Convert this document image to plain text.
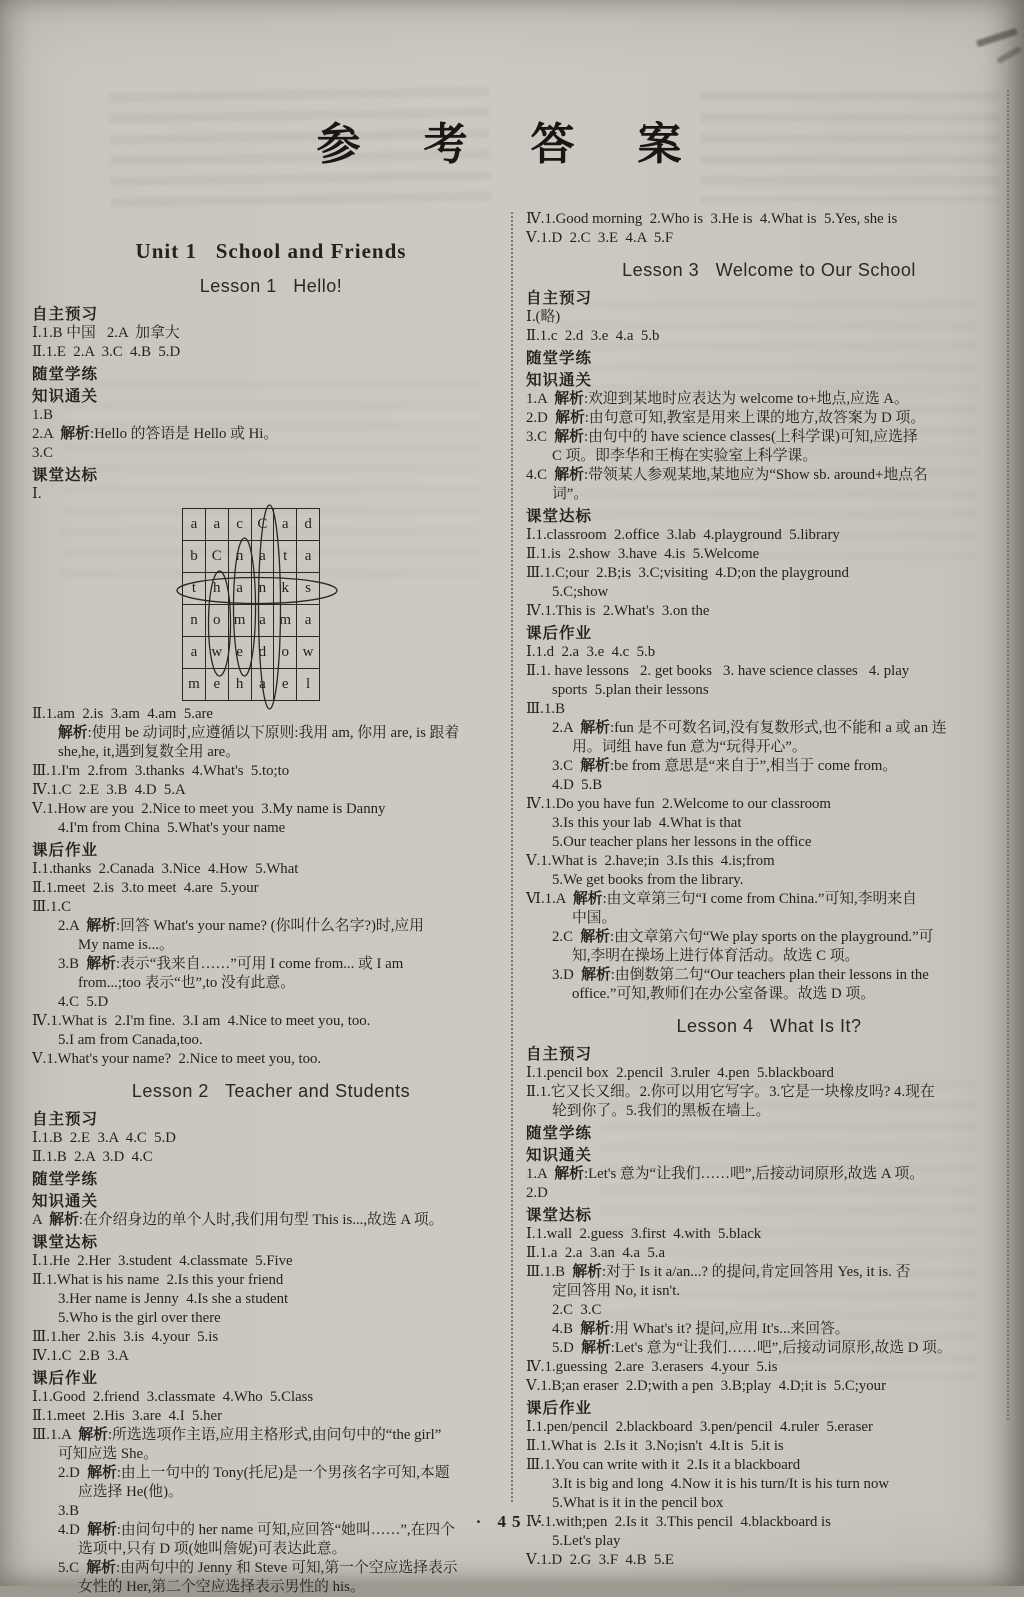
参 考 答 案
Unit 1   School and Friends
Lesson 1   Hello!
自主预习
Ⅰ.1.B 中国   2.A  加拿大
Ⅱ.1.E  2.A  3.C  4.B  5.D
随堂学练
知识通关
1.B
2.A  解析:Hello 的答语是 Hello 或 Hi。
3.C
课堂达标
Ⅰ.
a	a	c	C	a	d
b	C	n	a	t	a
t	h	a	n	k	s
n	o	m	a	m	a
a	w	e	d	o	w
m	e	h	a	e	l
Ⅱ.1.am  2.is  3.am  4.am  5.are
解析:使用 be 动词时,应遵循以下原则:我用 am, 你用 are, is 跟着
she,he, it,遇到复数全用 are。
Ⅲ.1.I'm  2.from  3.thanks  4.What's  5.to;to
Ⅳ.1.C  2.E  3.B  4.D  5.A
Ⅴ.1.How are you  2.Nice to meet you  3.My name is Danny
4.I'm from China  5.What's your name
课后作业
Ⅰ.1.thanks  2.Canada  3.Nice  4.How  5.What
Ⅱ.1.meet  2.is  3.to meet  4.are  5.your
Ⅲ.1.C
2.A  解析:回答 What's your name? (你叫什么名字?)时,应用
My name is...。
3.B  解析:表示“我来自……”可用 I come from... 或 I am
from...;too 表示“也”,to 没有此意。
4.C  5.D
Ⅳ.1.What is  2.I'm fine.  3.I am  4.Nice to meet you, too.
5.I am from Canada,too.
Ⅴ.1.What's your name?  2.Nice to meet you, too.
Lesson 2   Teacher and Students
自主预习
Ⅰ.1.B  2.E  3.A  4.C  5.D
Ⅱ.1.B  2.A  3.D  4.C
随堂学练
知识通关
A  解析:在介绍身边的单个人时,我们用句型 This is...,故选 A 项。
课堂达标
Ⅰ.1.He  2.Her  3.student  4.classmate  5.Five
Ⅱ.1.What is his name  2.Is this your friend
3.Her name is Jenny  4.Is she a student
5.Who is the girl over there
Ⅲ.1.her  2.his  3.is  4.your  5.is
Ⅳ.1.C  2.B  3.A
课后作业
Ⅰ.1.Good  2.friend  3.classmate  4.Who  5.Class
Ⅱ.1.meet  2.His  3.are  4.I  5.her
Ⅲ.1.A  解析:所选选项作主语,应用主格形式,由问句中的“the girl”
可知应选 She。
2.D  解析:由上一句中的 Tony(托尼)是一个男孩名字可知,本题
应选择 He(他)。
3.B
4.D  解析:由问句中的 her name 可知,应回答“她叫……”,在四个
选项中,只有 D 项(她叫詹妮)可表达此意。
5.C  解析:由两句中的 Jenny 和 Steve 可知,第一个空应选择表示
女性的 Her,第二个空应选择表示男性的 his。
Ⅳ.1.Good morning  2.Who is  3.He is  4.What is  5.Yes, she is
Ⅴ.1.D  2.C  3.E  4.A  5.F
Lesson 3   Welcome to Our School
自主预习
Ⅰ.(略)
Ⅱ.1.c  2.d  3.e  4.a  5.b
随堂学练
知识通关
1.A  解析:欢迎到某地时应表达为 welcome to+地点,应选 A。
2.D  解析:由句意可知,教室是用来上课的地方,故答案为 D 项。
3.C  解析:由句中的 have science classes(上科学课)可知,应选择
C 项。即李华和王梅在实验室上科学课。
4.C  解析:带领某人参观某地,某地应为“Show sb. around+地点名
词”。
课堂达标
Ⅰ.1.classroom  2.office  3.lab  4.playground  5.library
Ⅱ.1.is  2.show  3.have  4.is  5.Welcome
Ⅲ.1.C;our  2.B;is  3.C;visiting  4.D;on the playground
5.C;show
Ⅳ.1.This is  2.What's  3.on the
课后作业
Ⅰ.1.d  2.a  3.e  4.c  5.b
Ⅱ.1. have lessons   2. get books   3. have science classes   4. play
sports  5.plan their lessons
Ⅲ.1.B
2.A  解析:fun 是不可数名词,没有复数形式,也不能和 a 或 an 连
用。词组 have fun 意为“玩得开心”。
3.C  解析:be from 意思是“来自于”,相当于 come from。
4.D  5.B
Ⅳ.1.Do you have fun  2.Welcome to our classroom
3.Is this your lab  4.What is that
5.Our teacher plans her lessons in the office
Ⅴ.1.What is  2.have;in  3.Is this  4.is;from
5.We get books from the library.
Ⅵ.1.A  解析:由文章第三句“I come from China.”可知,李明来自
中国。
2.C  解析:由文章第六句“We play sports on the playground.”可
知,李明在操场上进行体育活动。故选 C 项。
3.D  解析:由倒数第二句“Our teachers plan their lessons in the
office.”可知,教师们在办公室备课。故选 D 项。
Lesson 4   What Is It?
自主预习
Ⅰ.1.pencil box  2.pencil  3.ruler  4.pen  5.blackboard
Ⅱ.1.它又长又细。2.你可以用它写字。3.它是一块橡皮吗? 4.现在
轮到你了。5.我们的黑板在墙上。
随堂学练
知识通关
1.A  解析:Let's 意为“让我们……吧”,后接动词原形,故选 A 项。
2.D
课堂达标
Ⅰ.1.wall  2.guess  3.first  4.with  5.black
Ⅱ.1.a  2.a  3.an  4.a  5.a
Ⅲ.1.B  解析:对于 Is it a/an...? 的提问,肯定回答用 Yes, it is. 否
定回答用 No, it isn't.
2.C  3.C
4.B  解析:用 What's it? 提问,应用 It's...来回答。
5.D  解析:Let's 意为“让我们……吧”,后接动词原形,故选 D 项。
Ⅳ.1.guessing  2.are  3.erasers  4.your  5.is
Ⅴ.1.B;an eraser  2.D;with a pen  3.B;play  4.D;it is  5.C;your
课后作业
Ⅰ.1.pen/pencil  2.blackboard  3.pen/pencil  4.ruler  5.eraser
Ⅱ.1.What is  2.Is it  3.No;isn't  4.It is  5.it is
Ⅲ.1.You can write with it  2.Is it a blackboard
3.It is big and long  4.Now it is his turn/It is his turn now
5.What is it in the pencil box
Ⅳ.1.with;pen  2.Is it  3.This pencil  4.blackboard is
5.Let's play
Ⅴ.1.D  2.G  3.F  4.B  5.E
· 45 ·
